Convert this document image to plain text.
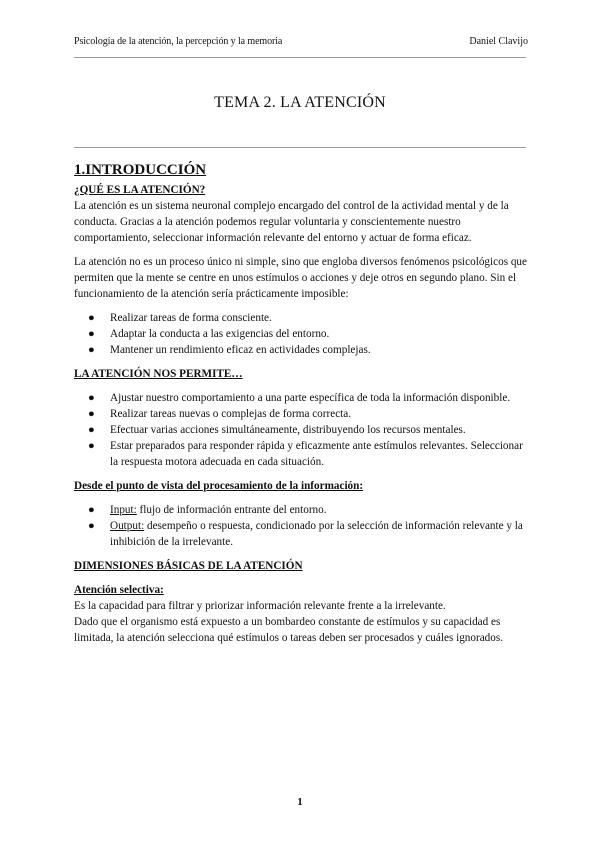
Psicología de la atención, la percepción y la memoria	Daniel Clavijo
TEMA 2. LA ATENCIÓN
1.INTRODUCCIÓN
¿QUÉ ES LA ATENCIÓN?

La atención es un sistema neuronal complejo encargado del control de la actividad mental y de la conducta. Gracias a la atención podemos regular voluntaria y conscientemente nuestro comportamiento, seleccionar información relevante del entorno y actuar de forma eficaz.

La atención no es un proceso único ni simple, sino que engloba diversos fenómenos psicológicos que permiten que la mente se centre en unos estímulos o acciones y deje otros en segundo plano. Sin el funcionamiento de la atención sería prácticamente imposible:

● Realizar tareas de forma consciente.
● Adaptar la conducta a las exigencias del entorno.
● Mantener un rendimiento eficaz en actividades complejas.
LA ATENCIÓN NOS PERMITE…
● Ajustar nuestro comportamiento a una parte específica de toda la información disponible.
● Realizar tareas nuevas o complejas de forma correcta.
● Efectuar varias acciones simultáneamente, distribuyendo los recursos mentales.
● Estar preparados para responder rápida y eficazmente ante estímulos relevantes. Seleccionar la respuesta motora adecuada en cada situación.
Desde el punto de vista del procesamiento de la información:
● Input: flujo de información entrante del entorno.
● Output: desempeño o respuesta, condicionado por la selección de información relevante y la inhibición de la irrelevante.
DIMENSIONES BÁSICAS DE LA ATENCIÓN
Atención selectiva:
Es la capacidad para filtrar y priorizar información relevante frente a la irrelevante.
Dado que el organismo está expuesto a un bombardeo constante de estímulos y su capacidad es limitada, la atención selecciona qué estímulos o tareas deben ser procesados y cuáles ignorados.
1
